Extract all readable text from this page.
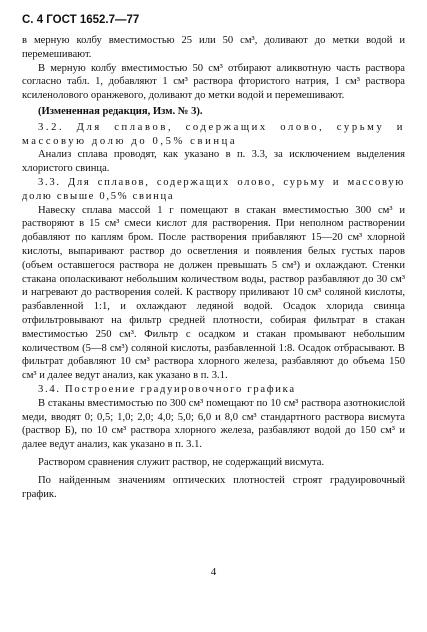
С. 4 ГОСТ 1652.7—77

в мерную колбу вместимостью 25 или 50 см³, доливают до метки водой и перемешивают.

В мерную колбу вместимостью 50 см³ отбирают аликвотную часть раствора согласно табл. 1, добавляют 1 см³ раствора фтористого натрия, 1 см³ раствора ксиленолового оранжевого, доливают до метки водой и перемешивают.

(Измененная редакция, Изм. № 3).

3.2. Для сплавов, содержащих олово, сурьму и массовую долю до 0,5% свинца

Анализ сплава проводят, как указано в п. 3.3, за исключением выделения хлористого свинца.

3.3. Для сплавов, содержащих олово, сурьму и массовую долю свыше 0,5% свинца

Навеску сплава массой 1 г помещают в стакан вместимостью 300 см³ и растворяют в 15 см³ смеси кислот для растворения. При неполном растворении добавляют по каплям бром. После растворения прибавляют 15—20 см³ хлорной кислоты, выпаривают раствор до осветления и появления белых густых паров (объем оставшегося раствора не должен превышать 5 см³) и охлаждают. Стенки стакана ополаскивают небольшим количеством воды, раствор разбавляют до 30 см³ и нагревают до растворения солей. К раствору приливают 10 см³ соляной кислоты, разбавленной 1:1, и охлаждают ледяной водой. Осадок хлорида свинца отфильтровывают на фильтр средней плотности, собирая фильтрат в стакан вместимостью 250 см³. Фильтр с осадком и стакан промывают небольшим количеством (5—8 см³) соляной кислоты, разбавленной 1:8. Осадок отбрасывают. В фильтрат добавляют 10 см³ раствора хлорного железа, разбавляют до объема 150 см³ и далее ведут анализ, как указано в п. 3.1.

3.4. Построение градуировочного графика

В стаканы вместимостью по 300 см³ помещают по 10 см³ раствора азотнокислой меди, вводят 0; 0,5; 1,0; 2,0; 4,0; 5,0; 6,0 и 8,0 см³ стандартного раствора висмута (раствор Б), по 10 см³ раствора хлорного железа, разбавляют водой до 150 см³ и далее ведут анализ, как указано в п. 3.1.

Раствором сравнения служит раствор, не содержащий висмута.

По найденным значениям оптических плотностей строят градуировочный график.

4
